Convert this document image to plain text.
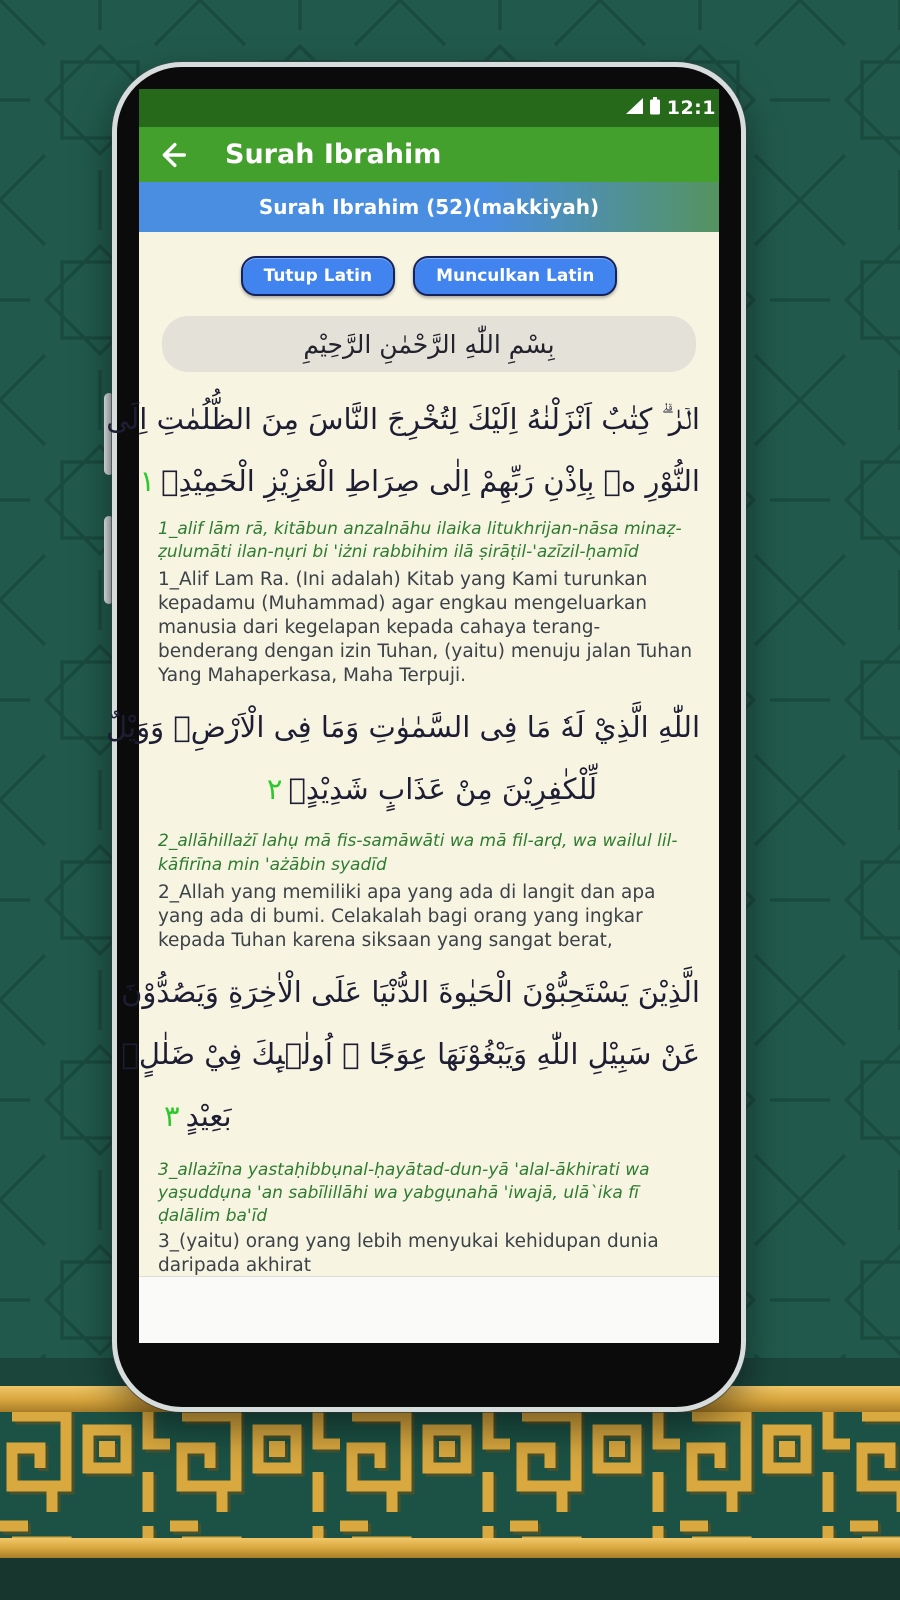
12:1
Surah Ibrahim
Surah Ibrahim (52)(makkiyah)
Tutup Latin	Munculkan Latin
بِسْمِ اللّٰهِ الرَّحْمٰنِ الرَّحِيْمِ
الۤرٰ ۗ كِتٰبٌ اَنْزَلْنٰهُ اِلَيْكَ لِتُخْرِجَ النَّاسَ مِنَ الظُّلُمٰتِ اِلَى
النُّوْرِ ەۙ بِاِذْنِ رَبِّهِمْ اِلٰى صِرَاطِ الْعَزِيْزِ الْحَمِيْدِۙ١
1_alif lām rā, kitābun anzalnāhu ilaika litukhrijan-nāsa minaẓ-ẓulumāti ilan-nụri bi 'iżni rabbihim ilā ṣirāṭil-'azīzil-ḥamīd
1_Alif Lam Ra. (Ini adalah) Kitab yang Kami turunkan kepadamu (Muhammad) agar engkau mengeluarkan manusia dari kegelapan kepada cahaya terang-benderang dengan izin Tuhan, (yaitu) menuju jalan Tuhan Yang Mahaperkasa, Maha Terpuji.
اللّٰهِ الَّذِيْ لَهٗ مَا فِى السَّمٰوٰتِ وَمَا فِى الْاَرْضِۗ وَوَيْلٌ
لِّلْكٰفِرِيْنَ مِنْ عَذَابٍ شَدِيْدٍۙ٢
2_allāhillażī lahụ mā fis-samāwāti wa mā fil-arḍ, wa wailul lil-kāfirīna min 'ażābin syadīd
2_Allah yang memiliki apa yang ada di langit dan apa yang ada di bumi. Celakalah bagi orang yang ingkar kepada Tuhan karena siksaan yang sangat berat,
الَّذِيْنَ يَسْتَحِبُّوْنَ الْحَيٰوةَ الدُّنْيَا عَلَى الْاٰخِرَةِ وَيَصُدُّوْنَ
عَنْ سَبِيْلِ اللّٰهِ وَيَبْغُوْنَهَا عِوَجًا ۗ اُولٰۤىِٕكَ فِيْ ضَلٰلٍۢ
بَعِيْدٍ٣
3_allażīna yastaḥibbụnal-ḥayātad-dun-yā 'alal-ākhirati wa yaṣuddụna 'an sabīlillāhi wa yabgụnahā 'iwajā, ulā`ika fī ḍalālim ba'īd
3_(yaitu) orang yang lebih menyukai kehidupan dunia daripada akhirat
